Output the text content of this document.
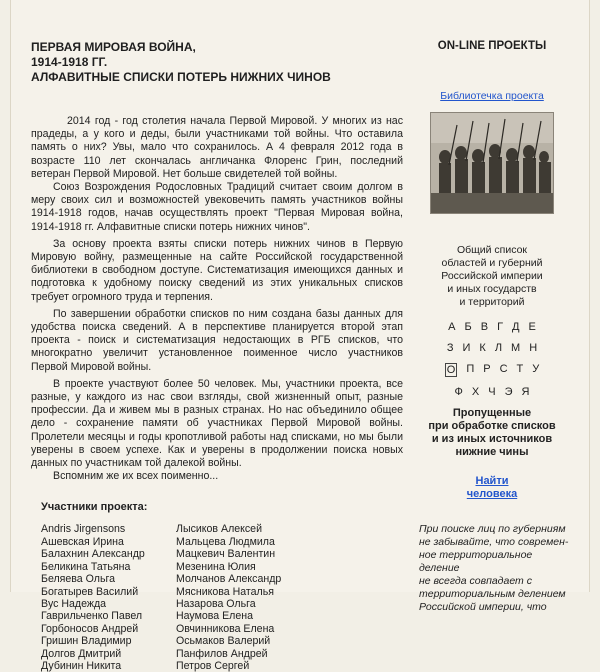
ПЕРВАЯ МИРОВАЯ ВОЙНА,
1914-1918 ГГ.
АЛФАВИТНЫЕ СПИСКИ ПОТЕРЬ НИЖНИХ ЧИНОВ

2014 год - год столетия начала Первой Мировой. У многих из нас прадеды, а у кого и деды, были участниками той войны. Что оставила память о них? Увы, мало что сохранилось. А 4 февраля 2012 года в возрасте 110 лет скончалась англичанка Флоренс Грин, последний ветеран Первой Мировой. Нет больше свидетелей той войны.

Союз Возрождения Родословных Традиций считает своим долгом в меру своих сил и возможностей увековечить память участников войны 1914-1918 годов, начав осуществлять проект "Первая Мировая война, 1914-1918 гг. Алфавитные списки потерь нижних чинов".

За основу проекта взяты списки потерь нижних чинов в Первую Мировую войну, размещенные на сайте Российской государственной библиотеки в свободном доступе. Систематизация имеющихся данных и подготовка к удобному поиску сведений из этих уникальных списков требует огромного труда и терпения.

По завершении обработки списков по ним создана базы данных для удобства поиска сведений. А в перспективе планируется второй этап проекта - поиск и систематизация недостающих в РГБ списков, что многократно увеличит установленное поименное число участников Первой Мировой войны.

В проекте участвуют более 50 человек. Мы, участники проекта, все разные, у каждого из нас свои взгляды, свой жизненный опыт, разные профессии. Да и живем мы в разных странах. Но нас объединило общее дело - сохранение памяти об участниках Первой Мировой войны. Пролетели месяцы и годы кропотливой работы над списками, но мы были уверены в своем успехе. Как и уверены в продолжении поиска новых данных по участникам той далекой войны.

Вспомним же их всех поименно...

Участники проекта:
Andris Jirgensons
Ашевская Ирина
Балахнин Александр
Беликина Татьяна
Беляева Ольга
Богатырев Василий
Вус Надежда
Гаврильченко Павел
Горбоносов Андрей
Гришин Владимир
Долгов Дмитрий
Дубинин Никита
Лысиков Алексей
Мальцева Людмила
Мацкевич Валентин
Мезенина Юлия
Молчанов Александр
Мясникова Наталья
Назарова Ольга
Наумова Елена
Овчинникова Елена
Осьмаков Валерий
Панфилов Андрей
Петров Сергей
ON-LINE ПРОЕКТЫ
Библиотечка проекта
Общий список
областей и губерний
Российской империи
и иных государств
и территорий
А Б В Г Д Е
З И К Л М Н
О П Р С Т У
Ф Х Ч Э Я
Пропущенные
при обработке списков
и из иных источников
нижние чины
Найти
человека
При поиске лиц по губерниям
не забывайте, что современ-
ное территориальное деление
не всегда совпадает с
территориальным делением
Российской империи, что
